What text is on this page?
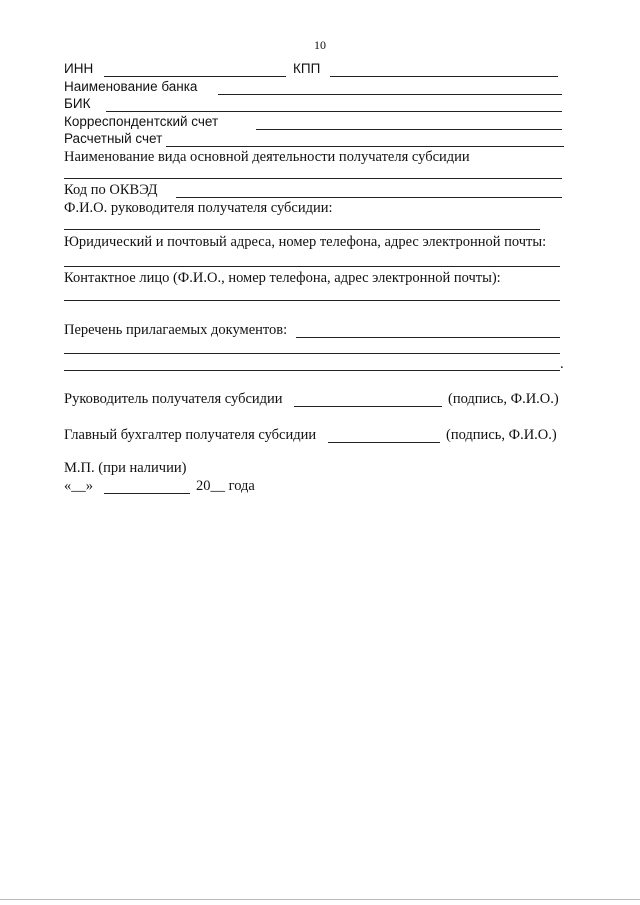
10
ИНН	КПП
Наименование банка
БИК
Корреспондентский счет
Расчетный счет
Наименование вида основной деятельности получателя субсидии
Код по ОКВЭД
Ф.И.О. руководителя получателя субсидии:
Юридический и почтовый адреса, номер телефона, адрес электронной почты:
Контактное лицо (Ф.И.О., номер телефона, адрес электронной почты):
Перечень прилагаемых документов:
.
Руководитель получателя субсидии	(подпись, Ф.И.О.)
Главный бухгалтер получателя субсидии	(подпись, Ф.И.О.)
М.П. (при наличии)
«__»	20__ года
